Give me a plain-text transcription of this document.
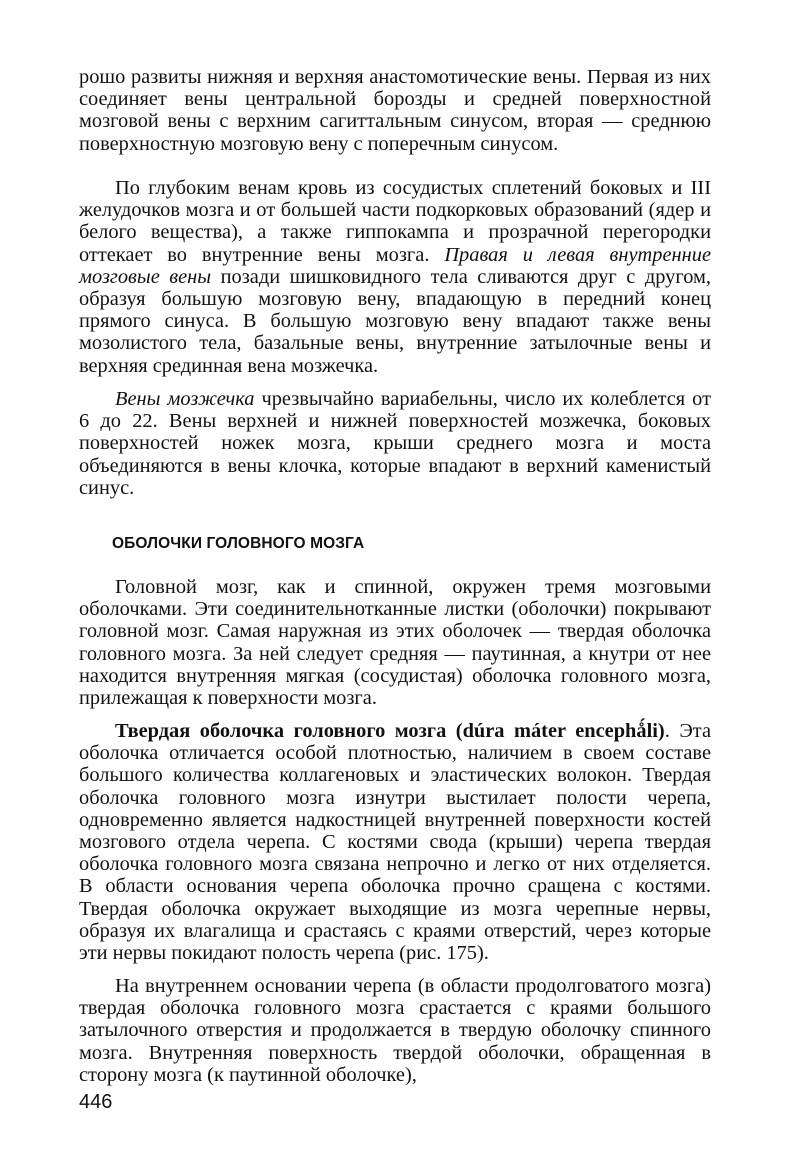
рошо развиты нижняя и верхняя анастомотические вены. Первая из них соединяет вены центральной борозды и средней поверхностной мозговой вены с верхним сагиттальным синусом, вторая — среднюю поверхностную мозговую вену с поперечным синусом.

По глубоким венам кровь из сосудистых сплетений боковых и III желудочков мозга и от большей части подкорковых образований (ядер и белого вещества), а также гиппокампа и прозрачной перегородки оттекает во внутренние вены мозга. Правая и левая внутренние мозговые вены позади шишковидного тела сливаются друг с другом, образуя большую мозговую вену, впадающую в передний конец прямого синуса. В большую мозговую вену впадают также вены мозолистого тела, базальные вены, внутренние затылочные вены и верхняя срединная вена мозжечка.

Вены мозжечка чрезвычайно вариабельны, число их колеблется от 6 до 22. Вены верхней и нижней поверхностей мозжечка, боковых поверхностей ножек мозга, крыши среднего мозга и моста объединяются в вены клочка, которые впадают в верхний каменистый синус.

ОБОЛОЧКИ ГОЛОВНОГО МОЗГА

Головной мозг, как и спинной, окружен тремя мозговыми оболочками. Эти соединительнотканные листки (оболочки) покрывают головной мозг. Самая наружная из этих оболочек — твердая оболочка головного мозга. За ней следует средняя — паутинная, а кнутри от нее находится внутренняя мягкая (сосудистая) оболочка головного мозга, прилежащая к поверхности мозга.

Твердая оболочка головного мозга (dúra máter encephǻli). Эта оболочка отличается особой плотностью, наличием в своем составе большого количества коллагеновых и эластических волокон. Твердая оболочка головного мозга изнутри выстилает полости черепа, одновременно является надкостницей внутренней поверхности костей мозгового отдела черепа. С костями свода (крыши) черепа твердая оболочка головного мозга связана непрочно и легко от них отделяется. В области основания черепа оболочка прочно сращена с костями. Твердая оболочка окружает выходящие из мозга черепные нервы, образуя их влагалища и срастаясь с краями отверстий, через которые эти нервы покидают полость черепа (рис. 175).

На внутреннем основании черепа (в области продолговатого мозга) твердая оболочка головного мозга срастается с краями большого затылочного отверстия и продолжается в твердую оболочку спинного мозга. Внутренняя поверхность твердой оболочки, обращенная в сторону мозга (к паутинной оболочке),

446
